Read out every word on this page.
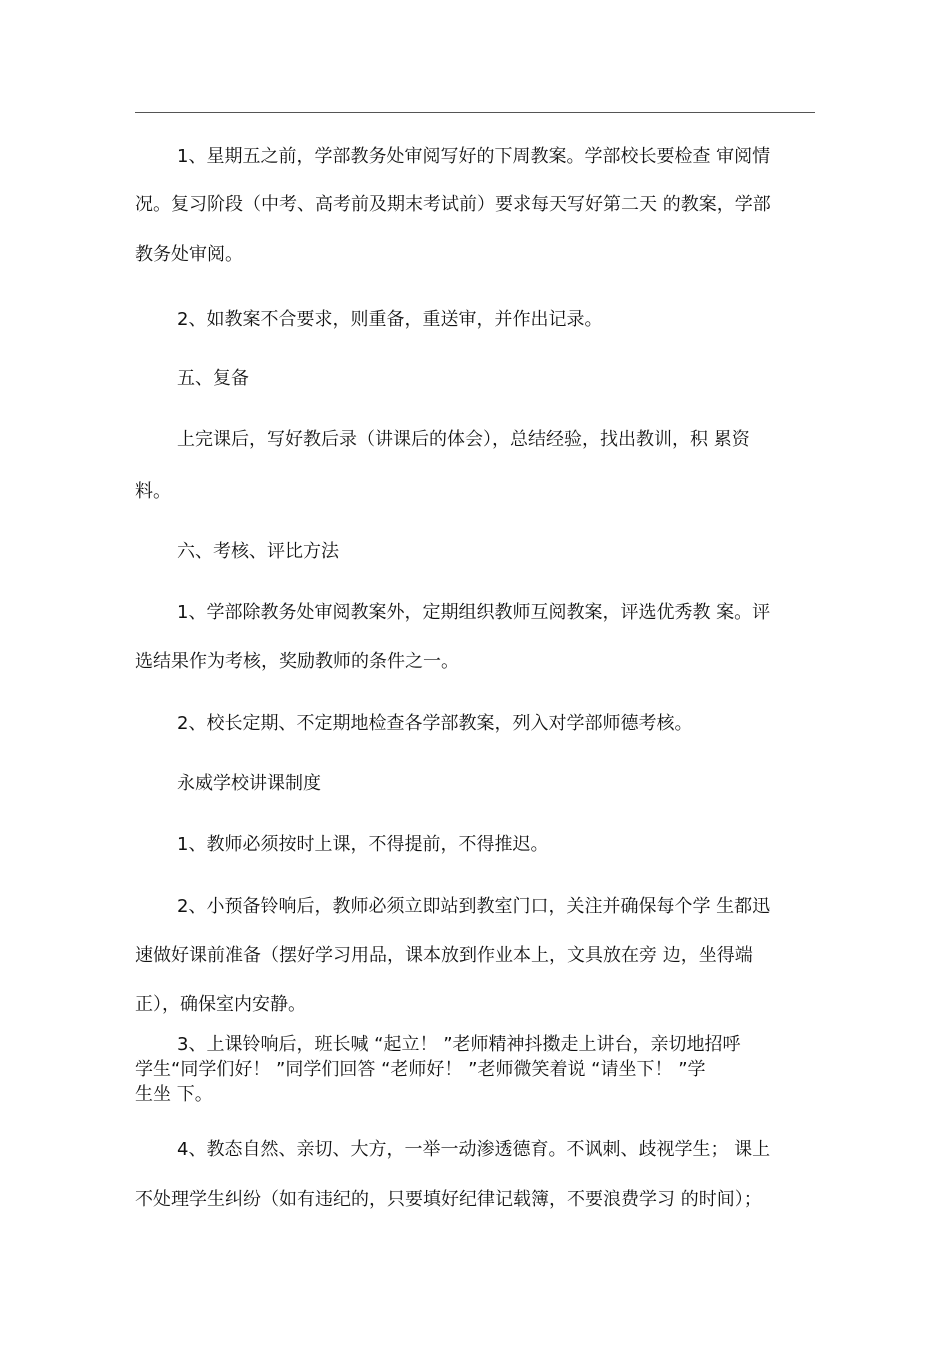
1、星期五之前，学部教务处审阅写好的下周教案。学部校长要检查 审阅情
况。复习阶段（中考、高考前及期末考试前）要求每天写好第二天 的教案，学部
教务处审阅。
2、如教案不合要求，则重备，重送审，并作出记录。
五、复备
上完课后，写好教后录（讲课后的体会），总结经验，找出教训，积 累资
料。
六、考核、评比方法
1、学部除教务处审阅教案外，定期组织教师互阅教案，评选优秀教 案。评
选结果作为考核，奖励教师的条件之一。
2、校长定期、不定期地检查各学部教案，列入对学部师德考核。
永威学校讲课制度
1、教师必须按时上课，不得提前，不得推迟。
2、小预备铃响后，教师必须立即站到教室门口，关注并确保每个学 生都迅
速做好课前准备（摆好学习用品，课本放到作业本上，文具放在旁 边，坐得端
正），确保室内安静。
3、上课铃响后，班长喊 “起立！ ”老师精神抖擞走上讲台，亲切地招呼
学生“同学们好！ ”同学们回答 “老师好！ ”老师微笑着说 “请坐下！ ”学
生坐 下。
4、教态自然、亲切、大方，一举一动渗透德育。不讽刺、歧视学生； 课上
不处理学生纠纷（如有违纪的，只要填好纪律记载簿，不要浪费学习 的时间）；
